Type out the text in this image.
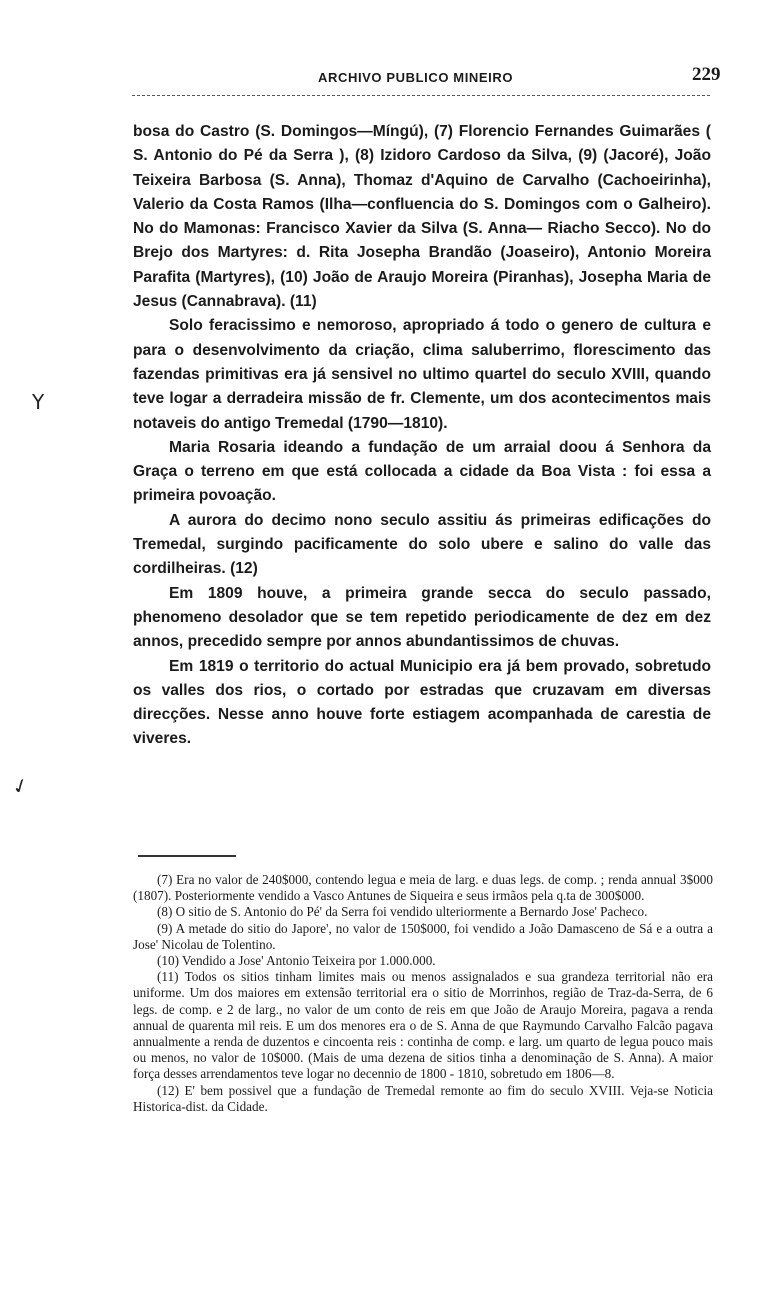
ARCHIVO PUBLICO MINEIRO	229
Y
✓

bosa do Castro (S. Domingos—Míngú), (7) Florencio Fernandes Guimarães ( S. Antonio do Pé da Serra ), (8) Izidoro Cardoso da Silva, (9) (Jacoré), João Teixeira Barbosa (S. Anna), Thomaz d'Aquino de Carvalho (Cachoeirinha), Valerio da Costa Ramos (Ilha—confluencia do S. Domingos com o Galheiro). No do Mamonas: Francisco Xavier da Silva (S. Anna— Riacho Secco). No do Brejo dos Martyres: d. Rita Josepha Brandão (Joaseiro), Antonio Moreira Parafita (Martyres), (10) João de Araujo Moreira (Piranhas), Josepha Maria de Jesus (Cannabrava). (11)

Solo feracissimo e nemoroso, apropriado á todo o genero de cultura e para o desenvolvimento da criação, clima saluberrimo, florescimento das fazendas primitivas era já sensivel no ultimo quartel do seculo XVIII, quando teve logar a derradeira missão de fr. Clemente, um dos acontecimentos mais notaveis do antigo Tremedal (1790—1810).

Maria Rosaria ideando a fundação de um arraial doou á Senhora da Graça o terreno em que está collocada a cidade da Boa Vista : foi essa a primeira povoação.

A aurora do decimo nono seculo assitiu ás primeiras edificações do Tremedal, surgindo pacificamente do solo ubere e salino do valle das cordilheiras. (12)

Em 1809 houve, a primeira grande secca do seculo passado, phenomeno desolador que se tem repetido periodicamente de dez em dez annos, precedido sempre por annos abundantissimos de chuvas.

Em 1819 o territorio do actual Municipio era já bem provado, sobretudo os valles dos rios, o cortado por estradas que cruzavam em diversas direcções. Nesse anno houve forte estiagem acompanhada de carestia de viveres.

(7) Era no valor de 240$000, contendo legua e meia de larg. e duas legs. de comp. ; renda annual 3$000 (1807). Posteriormente vendido a Vasco Antunes de Siqueira e seus irmãos pela q.ta de 300$000.

(8) O sitio de S. Antonio do Pé' da Serra foi vendido ulteriormente a Bernardo Jose' Pacheco.

(9) A metade do sitio do Japore', no valor de 150$000, foi vendido a João Damasceno de Sá e a outra a Jose' Nicolau de Tolentino.

(10) Vendido a Jose' Antonio Teixeira por 1.000.000.

(11) Todos os sitios tinham limites mais ou menos assignalados e sua grandeza territorial não era uniforme. Um dos maiores em extensão territorial era o sitio de Morrinhos, região de Traz-da-Serra, de 6 legs. de comp. e 2 de larg., no valor de um conto de reis em que João de Araujo Moreira, pagava a renda annual de quarenta mil reis. E um dos menores era o de S. Anna de que Raymundo Carvalho Falcão pagava annualmente a renda de duzentos e cincoenta reis : continha de comp. e larg. um quarto de legua pouco mais ou menos, no valor de 10$000. (Mais de uma dezena de sitios tinha a denominação de S. Anna). A maior força desses arrendamentos teve logar no decennio de 1800 - 1810, sobretudo em 1806—8.

(12) E' bem possivel que a fundação de Tremedal remonte ao fim do seculo XVIII. Veja-se Noticia Historica-dist. da Cidade.
